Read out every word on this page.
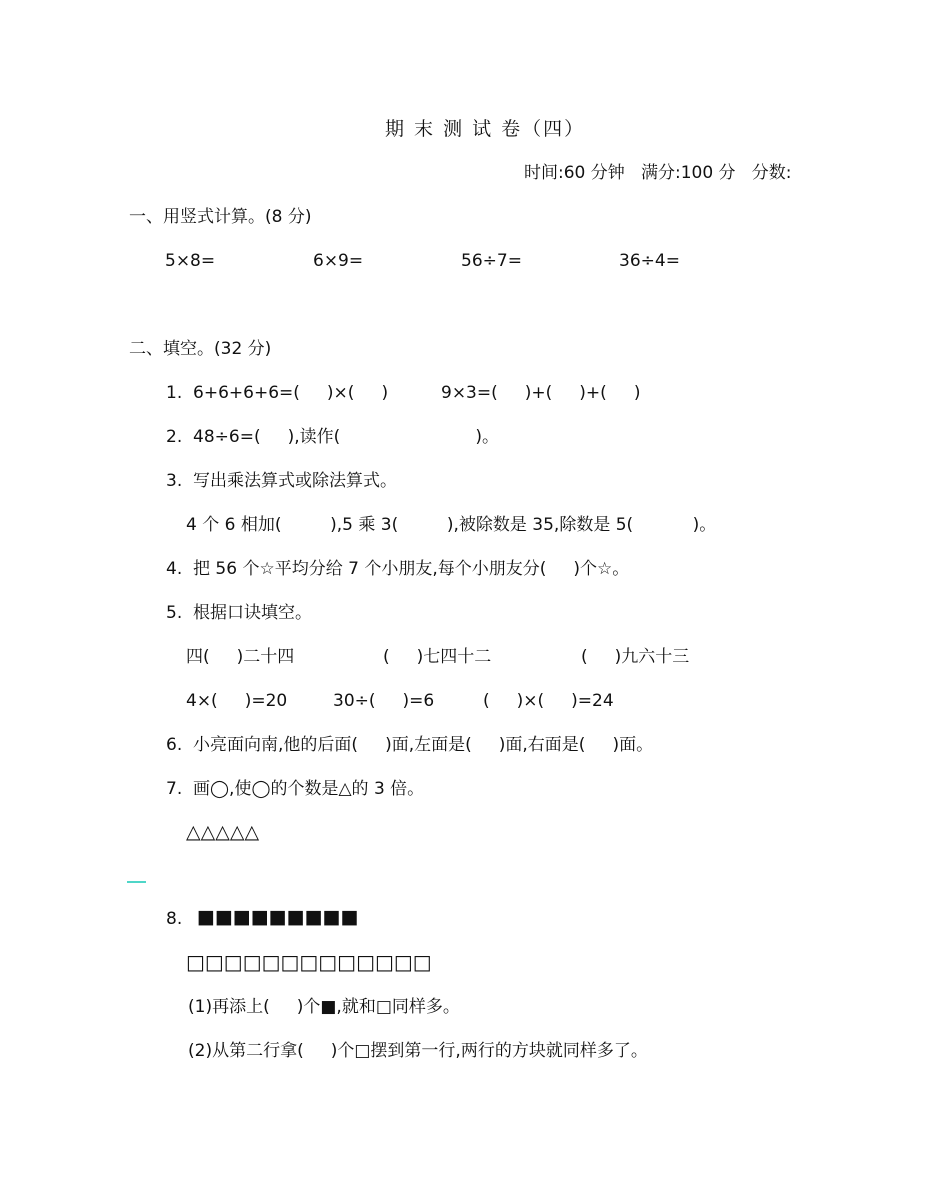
期 末 测 试 卷（四）
时间:60 分钟   满分:100 分   分数:
一、用竖式计算。(8 分)
5×8=	6×9=	56÷7=	36÷4=
二、填空。(32 分)
1.  6+6+6+6=(     )×(     )	9×3=(     )+(     )+(     )
2.  48÷6=(     ),读作(                         )。
3.  写出乘法算式或除法算式。
4 个 6 相加(         ),5 乘 3(         ),被除数是 35,除数是 5(           )。
4.  把 56 个☆平均分给 7 个小朋友,每个小朋友分(     )个☆。
5.  根据口诀填空。
四(     )二十四	(     )七四十二	(     )九六十三
4×(     )=20	30÷(     )=6	(     )×(     )=24
6.  小亮面向南,他的后面(     )面,左面是(     )面,右面是(     )面。
7.  画◯,使◯的个数是△的 3 倍。
△△△△△
8. ■■■■■■■■■
□□□□□□□□□□□□□
(1)再添上(     )个■,就和□同样多。
(2)从第二行拿(     )个□摆到第一行,两行的方块就同样多了。
